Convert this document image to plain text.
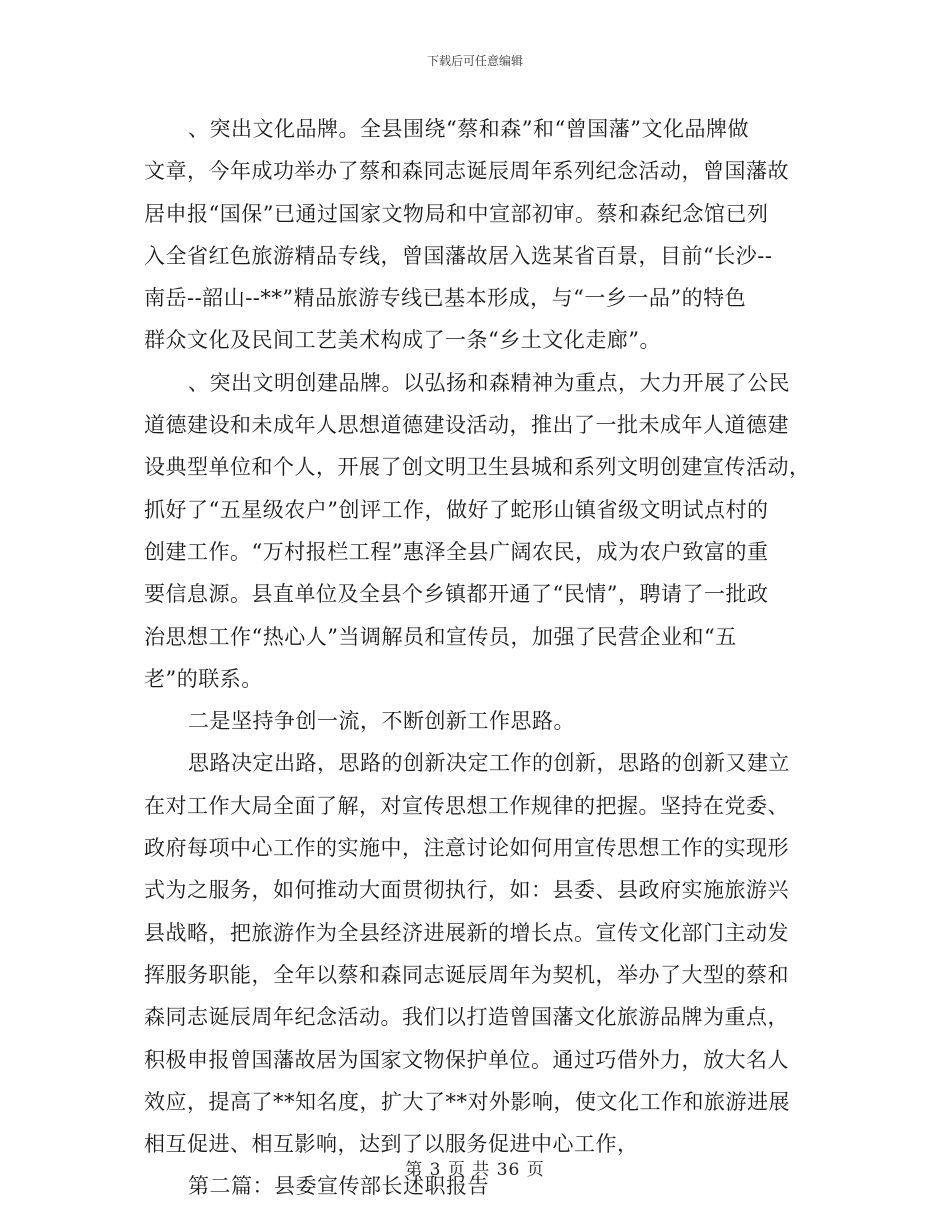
下载后可任意编辑
、突出文化品牌。全县围绕“蔡和森”和“曾国藩”文化品牌做
文章，今年成功举办了蔡和森同志诞辰周年系列纪念活动，曾国藩故
居申报“国保”已通过国家文物局和中宣部初审。蔡和森纪念馆已列
入全省红色旅游精品专线，曾国藩故居入选某省百景，目前“长沙--
南岳--韶山--**”精品旅游专线已基本形成，与“一乡一品”的特色
群众文化及民间工艺美术构成了一条“乡土文化走廊”。
、突出文明创建品牌。以弘扬和森精神为重点，大力开展了公民
道德建设和未成年人思想道德建设活动，推出了一批未成年人道德建
设典型单位和个人，开展了创文明卫生县城和系列文明创建宣传活动，
抓好了“五星级农户”创评工作，做好了蛇形山镇省级文明试点村的
创建工作。“万村报栏工程”惠泽全县广阔农民，成为农户致富的重
要信息源。县直单位及全县个乡镇都开通了“民情”，聘请了一批政
治思想工作“热心人”当调解员和宣传员，加强了民营企业和“五
老”的联系。
二是坚持争创一流，不断创新工作思路。
思路决定出路，思路的创新决定工作的创新，思路的创新又建立
在对工作大局全面了解，对宣传思想工作规律的把握。坚持在党委、
政府每项中心工作的实施中，注意讨论如何用宣传思想工作的实现形
式为之服务，如何推动大面贯彻执行，如：县委、县政府实施旅游兴
县战略，把旅游作为全县经济进展新的增长点。宣传文化部门主动发
挥服务职能，全年以蔡和森同志诞辰周年为契机，举办了大型的蔡和
森同志诞辰周年纪念活动。我们以打造曾国藩文化旅游品牌为重点，
积极申报曾国藩故居为国家文物保护单位。通过巧借外力，放大名人
效应，提高了**知名度，扩大了**对外影响，使文化工作和旅游进展
相互促进、相互影响，达到了以服务促进中心工作，
第二篇：县委宣传部长述职报告
第 3 页 共 36 页
